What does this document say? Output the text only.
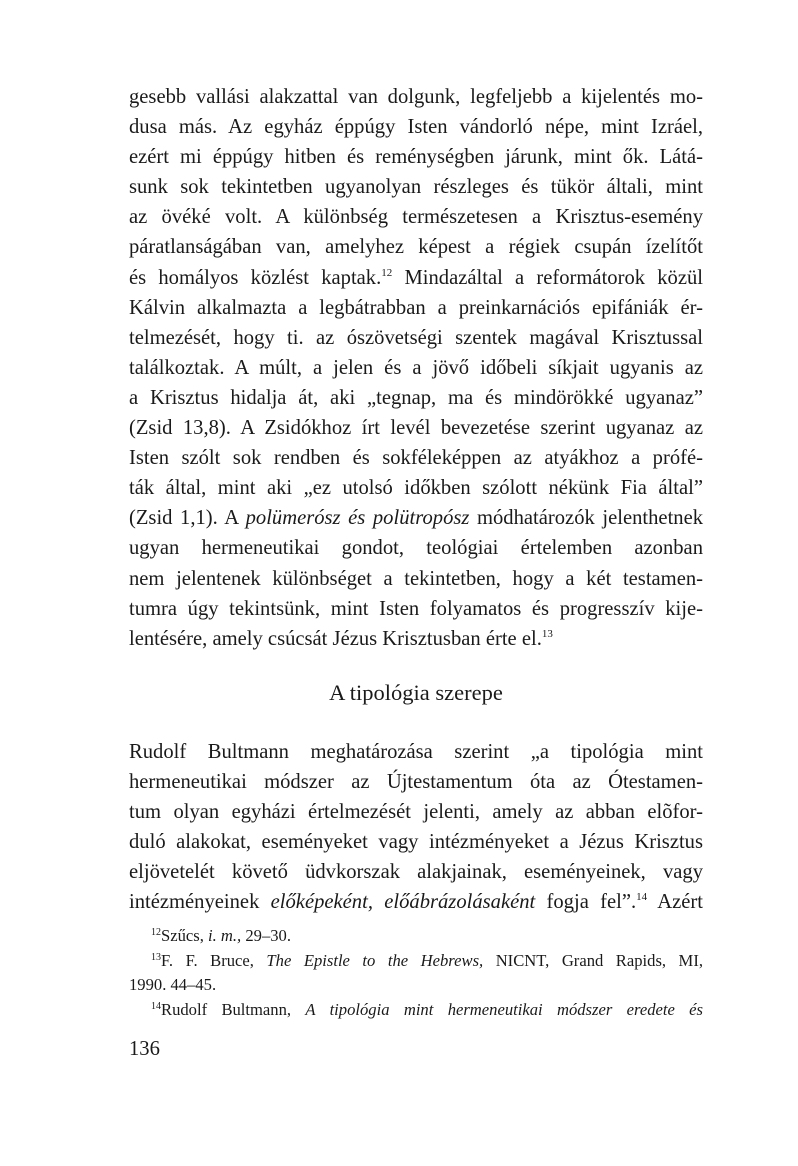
gesebb vallási alakzattal van dolgunk, legfeljebb a kijelentés mo-
dusa más. Az egyház éppúgy Isten vándorló népe, mint Izráel,
ezért mi éppúgy hitben és reménységben járunk, mint ők. Látá-
sunk sok tekintetben ugyanolyan részleges és tükör általi, mint
az övéké volt. A különbség természetesen a Krisztus-esemény
páratlanságában van, amelyhez képest a régiek csupán ízelítőt
és homályos közlést kaptak.$^{12}$ Mindazáltal a reformátorok közül
Kálvin alkalmazta a legbátrabban a preinkarnációs epifániák ér-
telmezését, hogy ti. az ószövetségi szentek magával Krisztussal
találkoztak. A múlt, a jelen és a jövő időbeli síkjait ugyanis az
a Krisztus hidalja át, aki „tegnap, ma és mindörökké ugyanaz”
(Zsid 13,8). A Zsidókhoz írt levél bevezetése szerint ugyanaz az
Isten szólt sok rendben és sokféleképpen az atyákhoz a prófé-
ták által, mint aki „ez utolsó időkben szólott nékünk Fia által”
(Zsid 1,1). A polümerósz és polütropósz módhatározók jelenthetnek
ugyan hermeneutikai gondot, teológiai értelemben azonban
nem jelentenek különbséget a tekintetben, hogy a két testamen-
tumra úgy tekintsünk, mint Isten folyamatos és progresszív kije-
lentésére, amely csúcsát Jézus Krisztusban érte el.$^{13}$
A tipológia szerepe
Rudolf Bultmann meghatározása szerint „a tipológia mint
hermeneutikai módszer az Újtestamentum óta az Ótestamen-
tum olyan egyházi értelmezését jelenti, amely az abban elõfor-
duló alakokat, eseményeket vagy intézményeket a Jézus Krisztus
eljövetelét követő üdvkorszak alakjainak, eseményeinek, vagy
intézményeinek előképeként, előábrázolásaként fogja fel”.$^{14}$ Azért
$^{12}$Szűcs, i. m., 29–30.
$^{13}$F. F. Bruce, The Epistle to the Hebrews, NICNT, Grand Rapids, MI,
1990. 44–45.
$^{14}$Rudolf Bultmann, A tipológia mint hermeneutikai módszer eredete és
136
